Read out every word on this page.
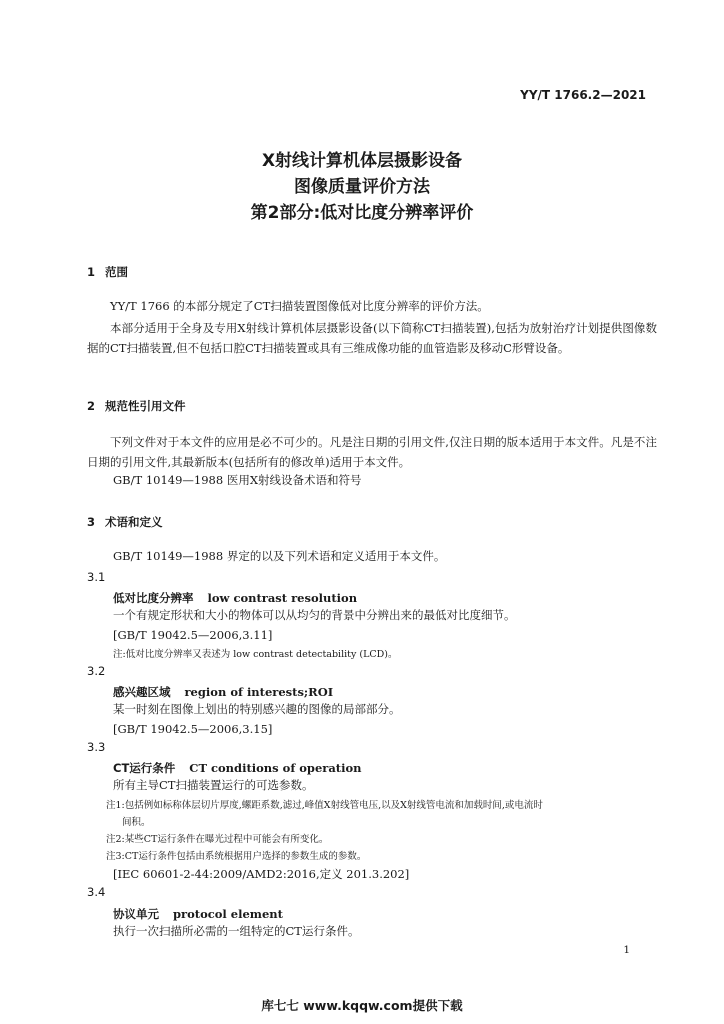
YY/T 1766.2—2021
X射线计算机体层摄影设备
图像质量评价方法
第2部分:低对比度分辨率评价
1 范围
YY/T 1766 的本部分规定了CT扫描装置图像低对比度分辨率的评价方法。
本部分适用于全身及专用X射线计算机体层摄影设备(以下简称CT扫描装置),包括为放射治疗计划提供图像数据的CT扫描装置,但不包括口腔CT扫描装置或具有三维成像功能的血管造影及移动C形臂设备。
2 规范性引用文件
下列文件对于本文件的应用是必不可少的。凡是注日期的引用文件,仅注日期的版本适用于本文件。凡是不注日期的引用文件,其最新版本(包括所有的修改单)适用于本文件。
GB/T 10149—1988 医用X射线设备术语和符号
3 术语和定义
GB/T 10149—1988 界定的以及下列术语和定义适用于本文件。
3.1
低对比度分辨率 low contrast resolution
一个有规定形状和大小的物体可以从均匀的背景中分辨出来的最低对比度细节。
[GB/T 19042.5—2006,3.11]
注:低对比度分辨率又表述为 low contrast detectability (LCD)。
3.2
感兴趣区域 region of interests;ROI
某一时刻在图像上划出的特别感兴趣的图像的局部部分。
[GB/T 19042.5—2006,3.15]
3.3
CT运行条件 CT conditions of operation
所有主导CT扫描装置运行的可选参数。
注1:包括例如标称体层切片厚度,螺距系数,滤过,峰值X射线管电压,以及X射线管电流和加载时间,或电流时
间积。
注2:某些CT运行条件在曝光过程中可能会有所变化。
注3:CT运行条件包括由系统根据用户选择的参数生成的参数。
[IEC 60601-2-44:2009/AMD2:2016,定义 201.3.202]
3.4
协议单元 protocol element
执行一次扫描所必需的一组特定的CT运行条件。
1
库七七 www.kqqw.com提供下载
